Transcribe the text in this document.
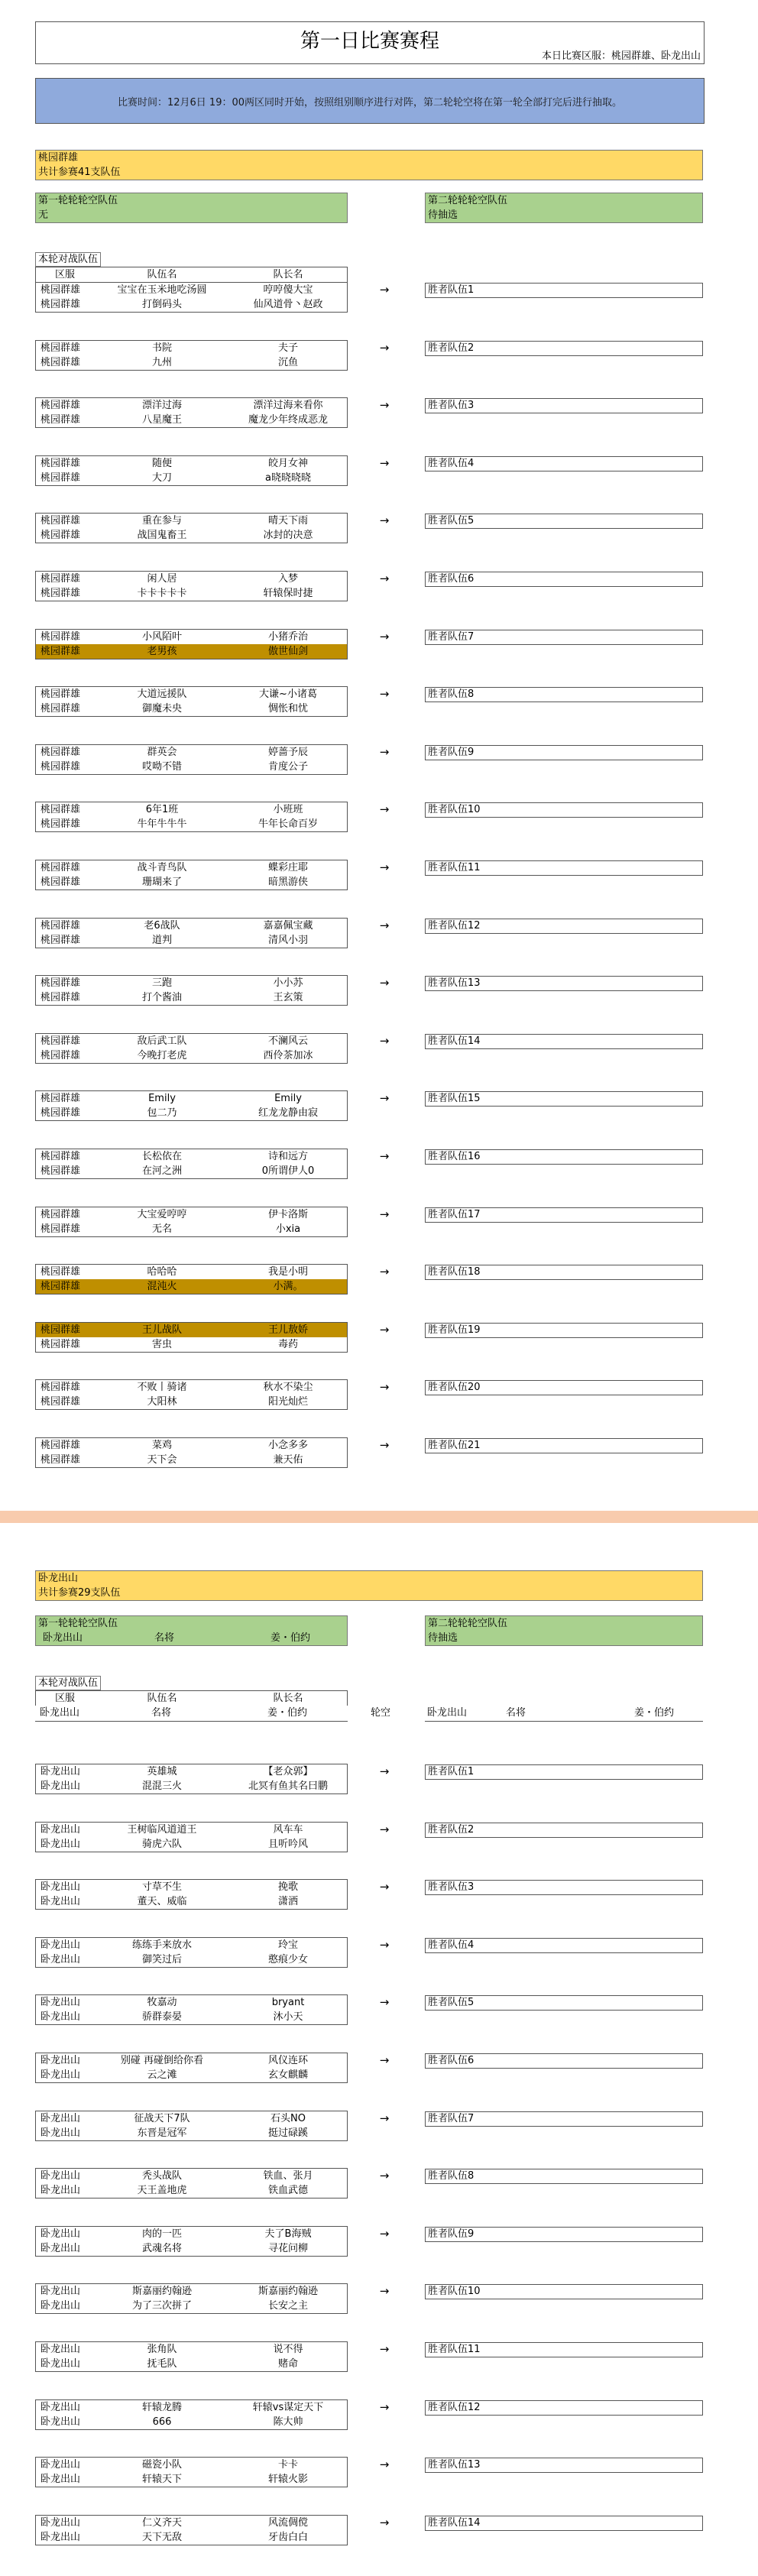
第一日比赛赛程
本日比赛区服：桃园群雄、卧龙出山
比赛时间：12月6日 19：00两区同时开始，按照组别顺序进行对阵，第二轮轮空将在第一轮全部打完后进行抽取。
桃园群雄
共计参赛41支队伍
第一轮轮轮空队伍
无
第二轮轮轮空队伍
待抽选
本轮对战队伍
区服	队伍名	队长名
桃园群雄	宝宝在玉米地吃汤圆	哼哼傻大宝
桃园群雄	打倒码头	仙风道骨丶赵政
→	胜者队伍1
桃园群雄	书院	夫子
桃园群雄	九州	沉鱼
→	胜者队伍2
桃园群雄	漂洋过海	漂洋过海来看你
桃园群雄	八星魔王	魔龙少年终成恶龙
→	胜者队伍3
桃园群雄	随便	皎月女神
桃园群雄	大刀	a晓晓晓晓
→	胜者队伍4
桃园群雄	重在参与	晴天下雨
桃园群雄	战国鬼畜王	冰封的决意
→	胜者队伍5
桃园群雄	闲人居	入梦
桃园群雄	卡卡卡卡卡	轩辕保时捷
→	胜者队伍6
桃园群雄	小风陌叶	小猪乔治
桃园群雄	老男孩	傲世仙剑
→	胜者队伍7
桃园群雄	大道远援队	大谦~小诸葛
桃园群雄	御魔未央	惆怅和忧
→	胜者队伍8
桃园群雄	群英会	婷蔷予辰
桃园群雄	哎呦不错	肯度公子
→	胜者队伍9
桃园群雄	6年1班	小班班
桃园群雄	牛年牛牛牛	牛年长命百岁
→	胜者队伍10
桃园群雄	战斗青鸟队	蝶彩庄耶
桃园群雄	珊瑚来了	暗黑游侠
→	胜者队伍11
桃园群雄	老6战队	嘉嘉佩宝藏
桃园群雄	道判	清风小羽
→	胜者队伍12
桃园群雄	三跑	小小苏
桃园群雄	打个酱油	王玄策
→	胜者队伍13
桃园群雄	敌后武工队	不澜风云
桃园群雄	今晚打老虎	西伶茶加冰
→	胜者队伍14
桃园群雄	Emily	Emily
桃园群雄	包二乃	红龙龙静由寂
→	胜者队伍15
桃园群雄	长松依在	诗和远方
桃园群雄	在河之洲	0所谓伊人0
→	胜者队伍16
桃园群雄	大宝爱哼哼	伊卡洛斯
桃园群雄	无名	小xia
→	胜者队伍17
桃园群雄	哈哈哈	我是小明
桃园群雄	混沌火	小满。
→	胜者队伍18
桃园群雄	王儿战队	王儿敖娇
桃园群雄	害虫	毒药
→	胜者队伍19
桃园群雄	不败丨骑诸	秋水不染尘
桃园群雄	大阳林	阳光灿烂
→	胜者队伍20
桃园群雄	菜鸡	小念多多
桃园群雄	天下会	兼天佑
→	胜者队伍21
卧龙出山
共计参赛29支队伍
第一轮轮轮空队伍
卧龙出山	名将	姜・伯约
第二轮轮轮空队伍
待抽选
本轮对战队伍
区服	队伍名	队长名
卧龙出山	名将	姜・伯约	轮空	卧龙出山	名将	姜・伯约
卧龙出山	英雄城	【老众郭】
卧龙出山	混混三火	北冥有鱼其名曰鹏
→	胜者队伍1
卧龙出山	王树临风道道王	风车车
卧龙出山	骑虎六队	且听吟风
→	胜者队伍2
卧龙出山	寸草不生	挽歌
卧龙出山	董天、威临	潇洒
→	胜者队伍3
卧龙出山	练练手来放水	玲宝
卧龙出山	御笑过后	憨痕少女
→	胜者队伍4
卧龙出山	牧嘉动	bryant
卧龙出山	骄群泰晏	沐小天
→	胜者队伍5
卧龙出山	别碰 再碰倒给你看	风仪连环
卧龙出山	云之滩	玄女麒麟
→	胜者队伍6
卧龙出山	征战天下7队	石头NO
卧龙出山	东晋是冠军	挺过碌蹊
→	胜者队伍7
卧龙出山	秃头战队	铁血、张月
卧龙出山	天王盖地虎	铁血武德
→	胜者队伍8
卧龙出山	肉的一匹	夫了B海贼
卧龙出山	武魂名将	寻花问柳
→	胜者队伍9
卧龙出山	斯嘉丽约翰逊	斯嘉丽约翰逊
卧龙出山	为了三次拼了	长安之主
→	胜者队伍10
卧龙出山	张角队	说不得
卧龙出山	抚毛队	赌命
→	胜者队伍11
卧龙出山	轩辕龙腾	轩辕vs谋定天下
卧龙出山	666	陈大帅
→	胜者队伍12
卧龙出山	磁瓷小队	卡卡
卧龙出山	轩辕天下	轩辕火影
→	胜者队伍13
卧龙出山	仁义齐天	风流倜傥
卧龙出山	天下无敌	牙齿白白
→	胜者队伍14
